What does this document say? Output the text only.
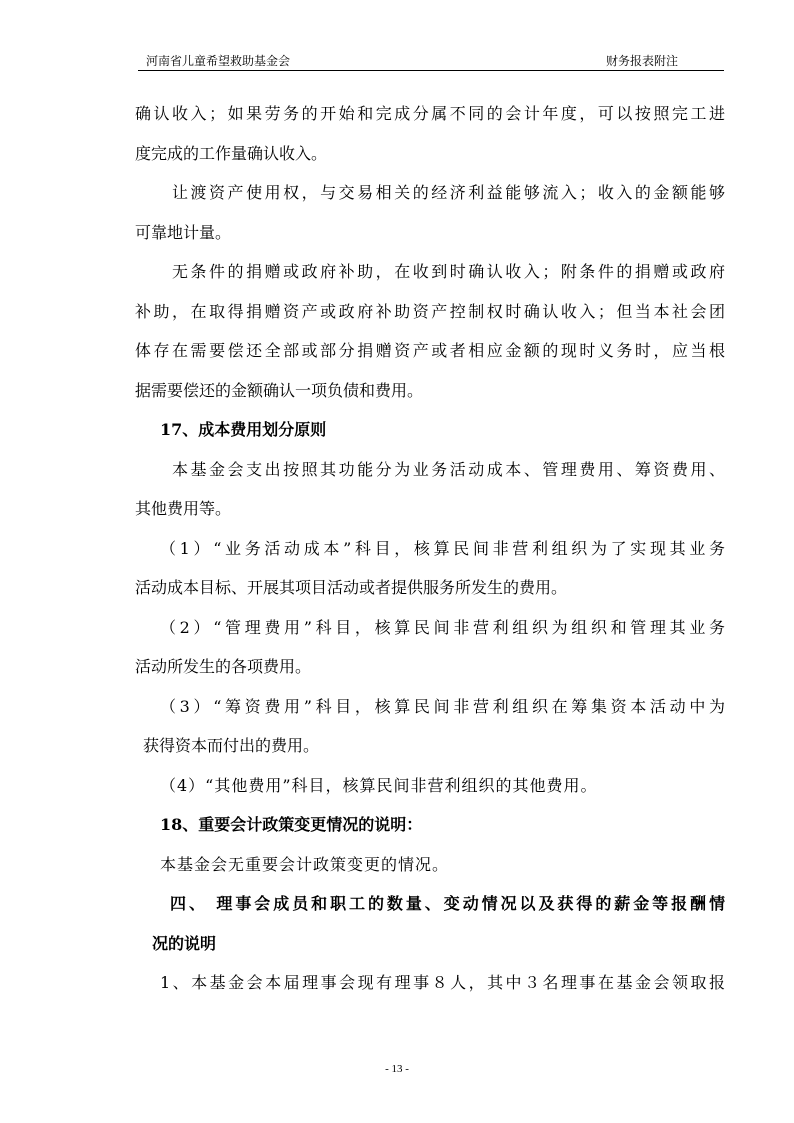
河南省儿童希望救助基金会	财务报表附注
确认收入；如果劳务的开始和完成分属不同的会计年度，可以按照完工进
度完成的工作量确认收入。
让渡资产使用权，与交易相关的经济利益能够流入；收入的金额能够
可靠地计量。
无条件的捐赠或政府补助，在收到时确认收入；附条件的捐赠或政府
补助，在取得捐赠资产或政府补助资产控制权时确认收入；但当本社会团
体存在需要偿还全部或部分捐赠资产或者相应金额的现时义务时，应当根
据需要偿还的金额确认一项负债和费用。
17、成本费用划分原则
本基金会支出按照其功能分为业务活动成本、管理费用、筹资费用、
其他费用等。
（1）“业务活动成本”科目，核算民间非营利组织为了实现其业务
活动成本目标、开展其项目活动或者提供服务所发生的费用。
（2）“管理费用”科目，核算民间非营利组织为组织和管理其业务
活动所发生的各项费用。
（3）“筹资费用”科目，核算民间非营利组织在筹集资本活动中为
获得资本而付出的费用。
（4）“其他费用”科目，核算民间非营利组织的其他费用。
18、重要会计政策变更情况的说明：
本基金会无重要会计政策变更的情况。
四、 理事会成员和职工的数量、变动情况以及获得的薪金等报酬情
况的说明
1、本基金会本届理事会现有理事８人，其中３名理事在基金会领取报
- 13 -
